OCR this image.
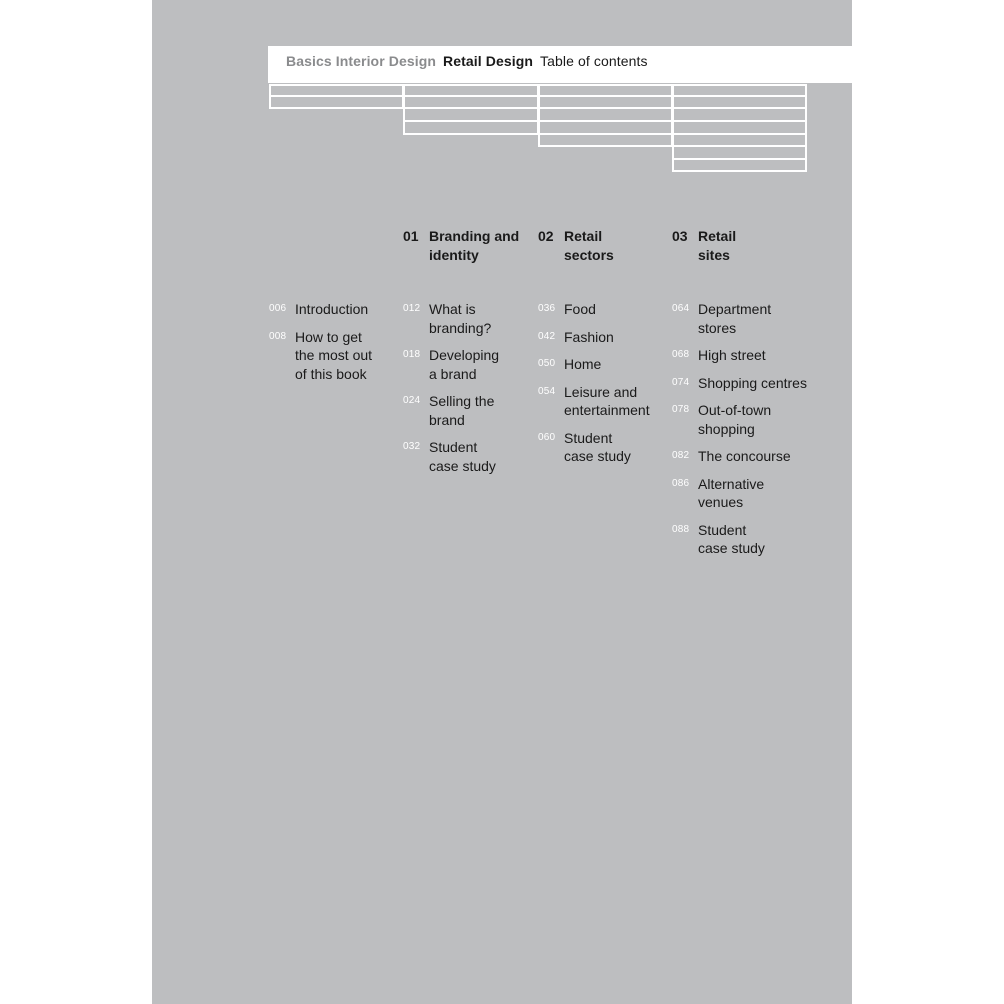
Basics Interior Design Retail Design Table of contents
01 Branding and identity
02 Retail sectors
03 Retail sites
006 Introduction
008 How to get the most out of this book
012 What is branding?
018 Developing a brand
024 Selling the brand
032 Student case study
036 Food
042 Fashion
050 Home
054 Leisure and entertainment
060 Student case study
064 Department stores
068 High street
074 Shopping centres
078 Out-of-town shopping
082 The concourse
086 Alternative venues
088 Student case study
